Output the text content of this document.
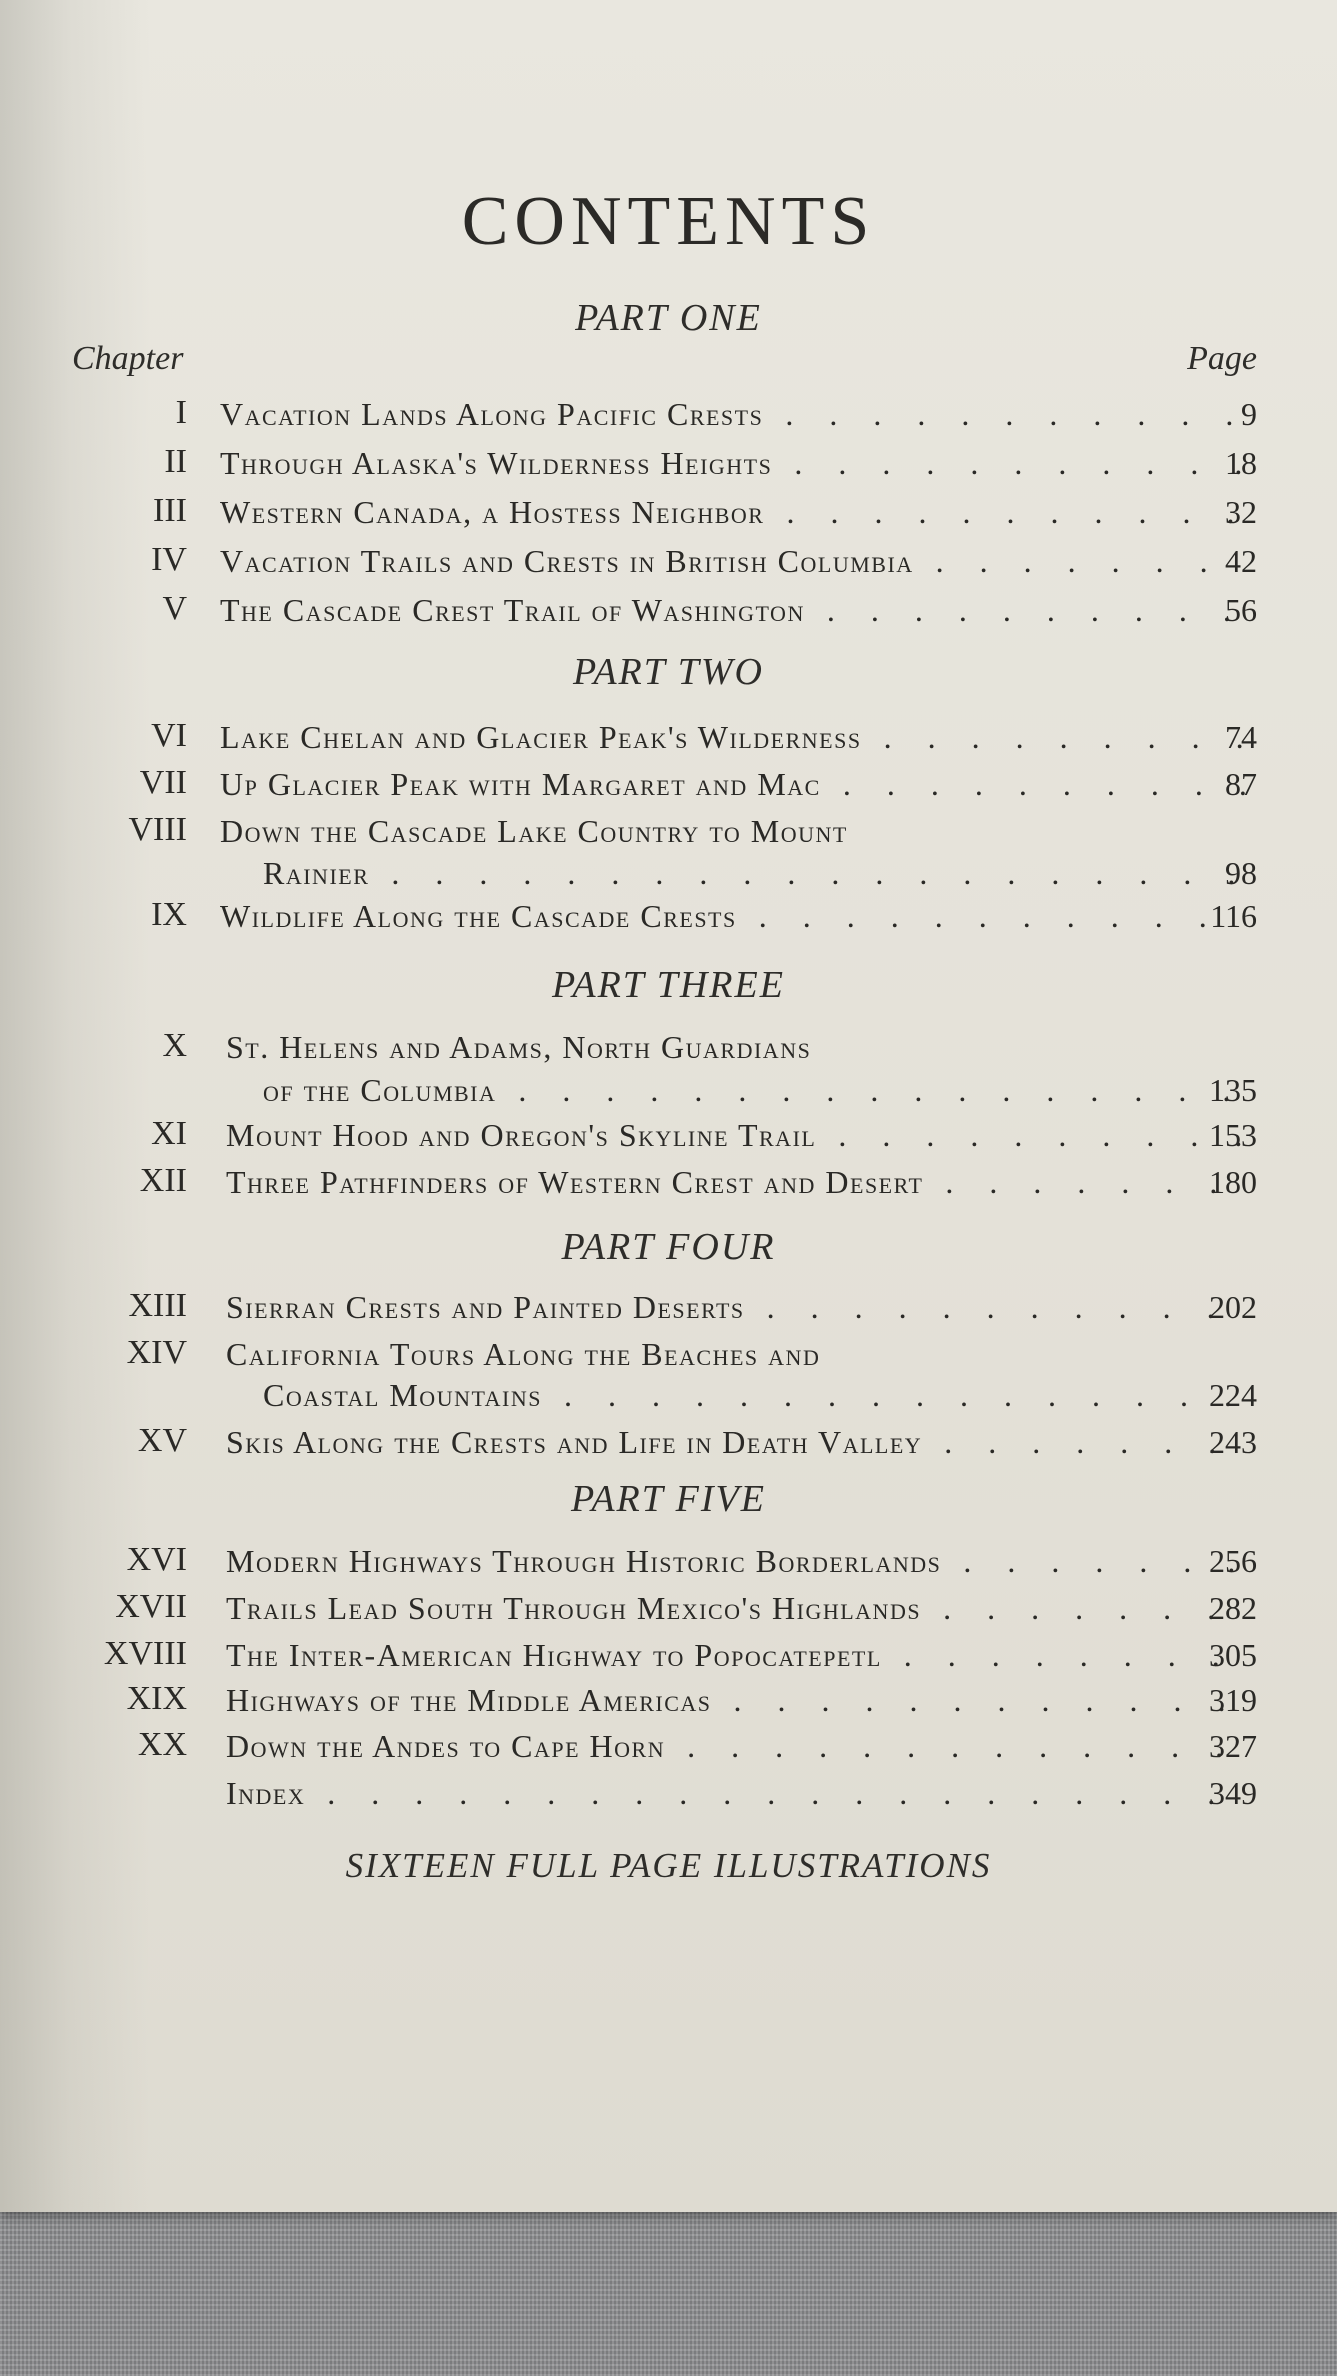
CONTENTS
PART ONE
Chapter	Page
I Vacation Lands Along Pacific Crests . . .	9
II Through Alaska's Wilderness Heights . . .	18
III Western Canada, a Hostess Neighbor . . .	32
IV Vacation Trails and Crests in British Columbia . . .	42
V The Cascade Crest Trail of Washington . . .	56
PART TWO
VI Lake Chelan and Glacier Peak's Wilderness . . .	74
VII Up Glacier Peak with Margaret and Mac . . .	87
VIII Down the Cascade Lake Country to Mount
Rainier . . .	98
IX Wildlife Along the Cascade Crests . . .	116
PART THREE
X St. Helens and Adams, North Guardians
of the Columbia . . .	135
XI Mount Hood and Oregon's Skyline Trail . . .	153
XII Three Pathfinders of Western Crest and Desert . . .	180
PART FOUR
XIII Sierran Crests and Painted Deserts . . .	202
XIV California Tours Along the Beaches and
Coastal Mountains . . .	224
XV Skis Along the Crests and Life in Death Valley . . .	243
PART FIVE
XVI Modern Highways Through Historic Borderlands . . .	256
XVII Trails Lead South Through Mexico's Highlands . . .	282
XVIII The Inter-American Highway to Popocatepetl . . .	305
XIX Highways of the Middle Americas . . .	319
XX Down the Andes to Cape Horn . . .	327
Index . . .	349
SIXTEEN FULL PAGE ILLUSTRATIONS
